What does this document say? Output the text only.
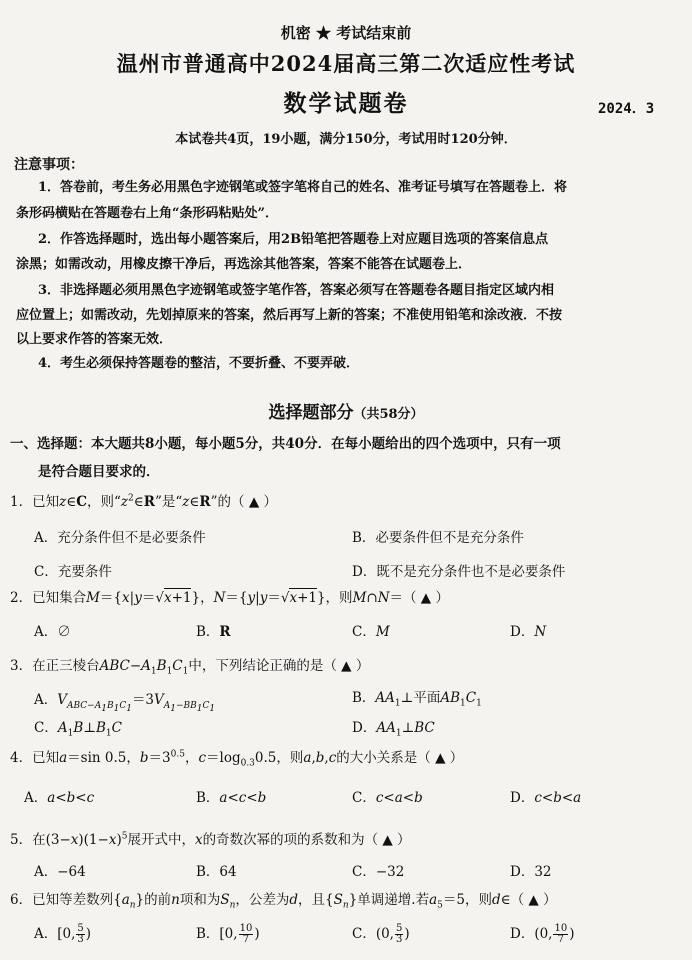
机密 ★ 考试结束前
温州市普通高中2024届高三第二次适应性考试
数学试题卷	2024．3
本试卷共4页，19小题，满分150分，考试用时120分钟．
注意事项：
1．答卷前，考生务必用黑色字迹钢笔或签字笔将自己的姓名、准考证号填写在答题卷上．将
条形码横贴在答题卷右上角“条形码粘贴处”．
2．作答选择题时，选出每小题答案后，用2B铅笔把答题卷上对应题目选项的答案信息点
涂黑；如需改动，用橡皮擦干净后，再选涂其他答案，答案不能答在试题卷上．
3．非选择题必须用黑色字迹钢笔或签字笔作答，答案必须写在答题卷各题目指定区域内相
应位置上；如需改动，先划掉原来的答案，然后再写上新的答案；不准使用铅笔和涂改液．不按
以上要求作答的答案无效．
4．考生必须保持答题卷的整洁，不要折叠、不要弄破．
选择题部分（共58分）
一、选择题：本大题共8小题，每小题5分，共40分．在每小题给出的四个选项中，只有一项
是符合题目要求的．
1．已知z∈C，则“$z^2\in R$”是“z∈R”的（ ▲ ）
A．充分条件但不是必要条件	B．必要条件但不是充分条件
C．充要条件	D．既不是充分条件也不是必要条件
2．已知集合M＝{x|y＝√x+1}，N＝{y|y＝√x+1}，则M∩N＝（ ▲ ）
A．∅	B．R	C．M	D．N
3．在正三棱台$ABC-A_1B_1C_1$中，下列结论正确的是（ ▲ ）
A．$V_{ABC-A_1B_1C_1}=3V_{A_1-BB_1C_1}$
B．$AA_1\perp$平面$AB_1C_1$
C．$A_1B\perp B_1C$	D．$AA_1\perp BC$
4．已知a＝sin 0.5，$b=3^{0.5}$，$c=\log_{0.3}0.5$，则a,b,c的大小关系是（ ▲ ）
A．a<b<c	B．a<c<b	C．c<a<b	D．c<b<a
5．在$(3-x)(1-x)^5$展开式中，x的奇数次幂的项的系数和为（ ▲ ）
A．−64	B．64	C．−32	D．32
6．已知等差数列$\{a_n\}$的前n项和为$S_n$，公差为d，且$\{S_n\}$单调递增.若$a_5=5$，则d∈（ ▲ ）
A．[0, $\frac{5}{3}$ )	B．[0, $\frac{10}{7}$ )	C．(0, $\frac{5}{3}$ )	D．(0, $\frac{10}{7}$ )
